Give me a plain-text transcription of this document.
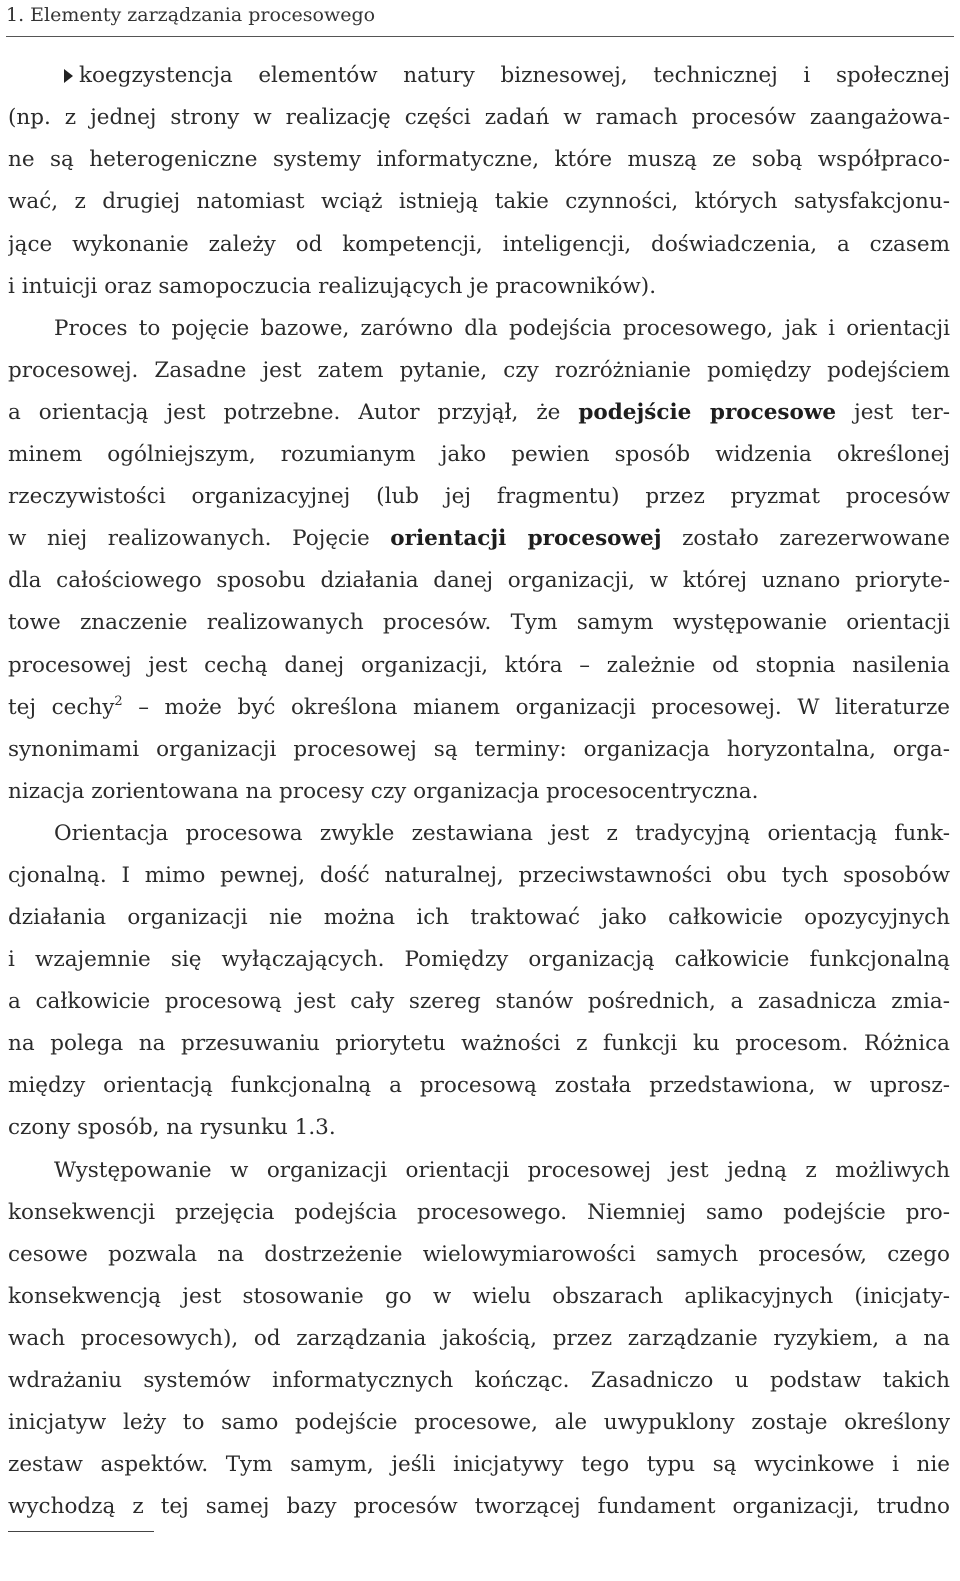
1. Elementy zarządzania procesowego
koegzystencja elementów natury biznesowej, technicznej i społecznej
(np. z jednej strony w realizację części zadań w ramach procesów zaangażowa-
ne są heterogeniczne systemy informatyczne, które muszą ze sobą współpraco-
wać, z drugiej natomiast wciąż istnieją takie czynności, których satysfakcjonu-
jące wykonanie zależy od kompetencji, inteligencji, doświadczenia, a czasem
i intuicji oraz samopoczucia realizujących je pracowników).
Proces to pojęcie bazowe, zarówno dla podejścia procesowego, jak i orientacji
procesowej. Zasadne jest zatem pytanie, czy rozróżnianie pomiędzy podejściem
a orientacją jest potrzebne. Autor przyjął, że podejście procesowe jest ter-
minem ogólniejszym, rozumianym jako pewien sposób widzenia określonej
rzeczywistości organizacyjnej (lub jej fragmentu) przez pryzmat procesów
w niej realizowanych. Pojęcie orientacji procesowej zostało zarezerwowane
dla całościowego sposobu działania danej organizacji, w której uznano prioryte-
towe znaczenie realizowanych procesów. Tym samym występowanie orientacji
procesowej jest cechą danej organizacji, która – zależnie od stopnia nasilenia
tej cechy$^2$ – może być określona mianem organizacji procesowej. W literaturze
synonimami organizacji procesowej są terminy: organizacja horyzontalna, orga-
nizacja zorientowana na procesy czy organizacja procesocentryczna.
Orientacja procesowa zwykle zestawiana jest z tradycyjną orientacją funk-
cjonalną. I mimo pewnej, dość naturalnej, przeciwstawności obu tych sposobów
działania organizacji nie można ich traktować jako całkowicie opozycyjnych
i wzajemnie się wyłączających. Pomiędzy organizacją całkowicie funkcjonalną
a całkowicie procesową jest cały szereg stanów pośrednich, a zasadnicza zmia-
na polega na przesuwaniu priorytetu ważności z funkcji ku procesom. Różnica
między orientacją funkcjonalną a procesową została przedstawiona, w uprosz-
czony sposób, na rysunku 1.3.
Występowanie w organizacji orientacji procesowej jest jedną z możliwych
konsekwencji przejęcia podejścia procesowego. Niemniej samo podejście pro-
cesowe pozwala na dostrzeżenie wielowymiarowości samych procesów, czego
konsekwencją jest stosowanie go w wielu obszarach aplikacyjnych (inicjaty-
wach procesowych), od zarządzania jakością, przez zarządzanie ryzykiem, a na
wdrażaniu systemów informatycznych kończąc. Zasadniczo u podstaw takich
inicjatyw leży to samo podejście procesowe, ale uwypuklony zostaje określony
zestaw aspektów. Tym samym, jeśli inicjatywy tego typu są wycinkowe i nie
wychodzą z tej samej bazy procesów tworzącej fundament organizacji, trudno
